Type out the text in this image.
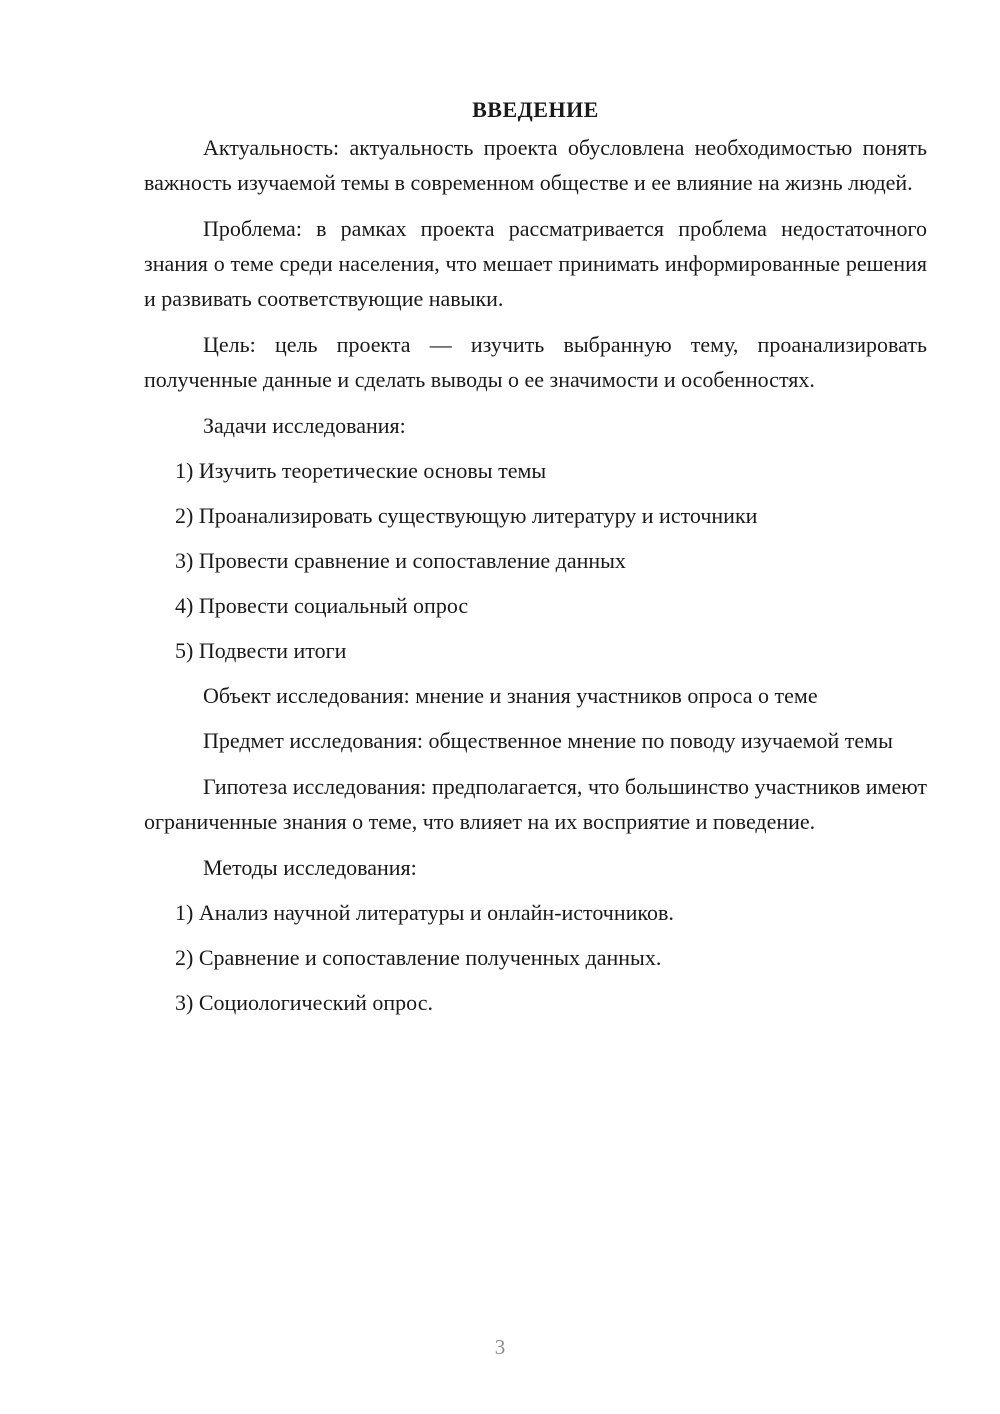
ВВЕДЕНИЕ

Актуальность: актуальность проекта обусловлена необходимостью понять важность изучаемой темы в современном обществе и ее влияние на жизнь людей.

Проблема: в рамках проекта рассматривается проблема недостаточного знания о теме среди населения, что мешает принимать информированные решения и развивать соответствующие навыки.

Цель: цель проекта — изучить выбранную тему, проанализировать полученные данные и сделать выводы о ее значимости и особенностях.

Задачи исследования:

1) Изучить теоретические основы темы
2) Проанализировать существующую литературу и источники
3) Провести сравнение и сопоставление данных
4) Провести социальный опрос
5) Подвести итоги

Объект исследования: мнение и знания участников опроса о теме

Предмет исследования: общественное мнение по поводу изучаемой темы

Гипотеза исследования: предполагается, что большинство участников имеют ограниченные знания о теме, что влияет на их восприятие и поведение.

Методы исследования:

1) Анализ научной литературы и онлайн-источников.
2) Сравнение и сопоставление полученных данных.
3) Социологический опрос.
3
